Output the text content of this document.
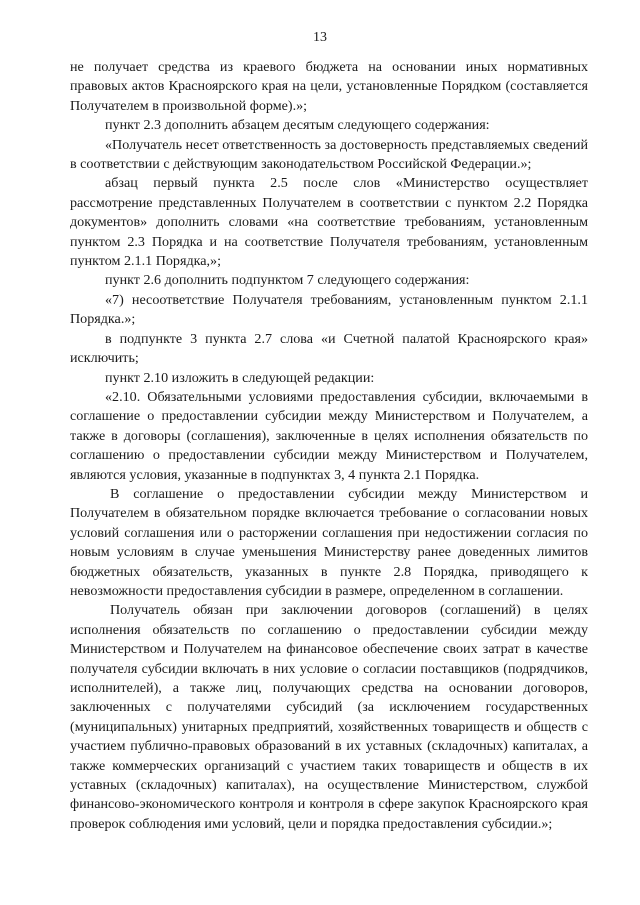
13

не получает средства из краевого бюджета на основании иных нормативных правовых актов Красноярского края на цели, установленные Порядком (составляется Получателем в произвольной форме).»;

пункт 2.3 дополнить абзацем десятым следующего содержания:

«Получатель несет ответственность за достоверность представляемых сведений в соответствии с действующим законодательством Российской Федерации.»;

абзац первый пункта 2.5 после слов «Министерство осуществляет рассмотрение представленных Получателем в соответствии с пунктом 2.2 Порядка документов» дополнить словами «на соответствие требованиям, установленным пунктом 2.3 Порядка и на соответствие Получателя требованиям, установленным пунктом 2.1.1 Порядка,»;

пункт 2.6 дополнить подпунктом 7 следующего содержания:

«7) несоответствие Получателя требованиям, установленным пунктом 2.1.1 Порядка.»;

в подпункте 3 пункта 2.7 слова «и Счетной палатой Красноярского края» исключить;

пункт 2.10 изложить в следующей редакции:

«2.10. Обязательными условиями предоставления субсидии, включаемыми в соглашение о предоставлении субсидии между Министерством и Получателем, а также в договоры (соглашения), заключенные в целях исполнения обязательств по соглашению о предоставлении субсидии между Министерством и Получателем, являются условия, указанные в подпунктах 3, 4 пункта 2.1 Порядка.

В соглашение о предоставлении субсидии между Министерством и Получателем в обязательном порядке включается требование о согласовании новых условий соглашения или о расторжении соглашения при недостижении согласия по новым условиям в случае уменьшения Министерству ранее доведенных лимитов бюджетных обязательств, указанных в пункте 2.8 Порядка, приводящего к невозможности предоставления субсидии в размере, определенном в соглашении.

Получатель обязан при заключении договоров (соглашений) в целях исполнения обязательств по соглашению о предоставлении субсидии между Министерством и Получателем на финансовое обеспечение своих затрат в качестве получателя субсидии включать в них условие о согласии поставщиков (подрядчиков, исполнителей), а также лиц, получающих средства на основании договоров, заключенных с получателями субсидий (за исключением государственных (муниципальных) унитарных предприятий, хозяйственных товариществ и обществ с участием публично-правовых образований в их уставных (складочных) капиталах, а также коммерческих организаций с участием таких товариществ и обществ в их уставных (складочных) капиталах), на осуществление Министерством, службой финансово-экономического контроля и контроля в сфере закупок Красноярского края проверок соблюдения ими условий, цели и порядка предоставления субсидии.»;
